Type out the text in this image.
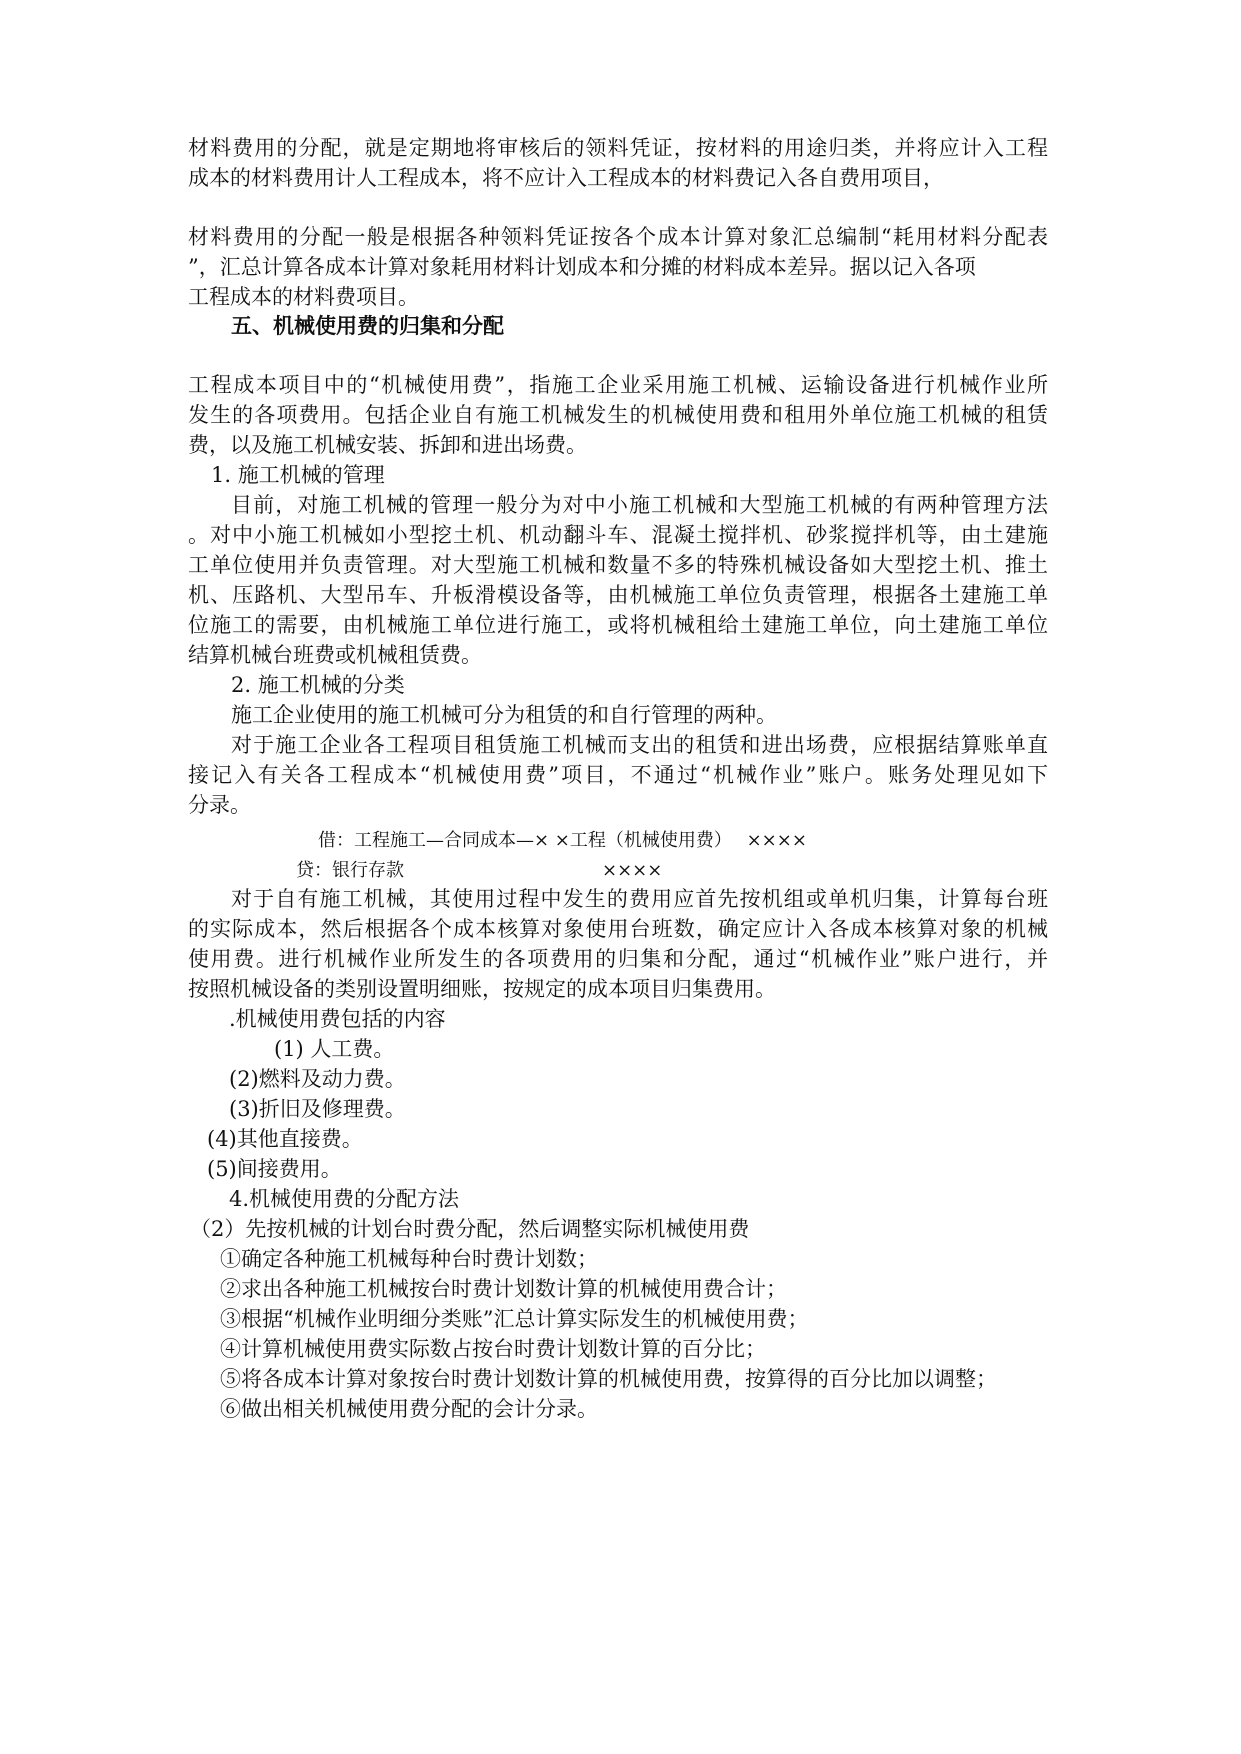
材料费用的分配，就是定期地将审核后的领料凭证，按材料的用途归类，并将应计入工程
成本的材料费用计人工程成本，将不应计入工程成本的材料费记入各自费用项目，
材料费用的分配一般是根据各种领料凭证按各个成本计算对象汇总编制“耗用材料分配表
”，汇总计算各成本计算对象耗用材料计划成本和分摊的材料成本差异。据以记入各项
工程成本的材料费项目。
五、机械使用费的归集和分配
工程成本项目中的“机械使用费”，指施工企业采用施工机械、运输设备进行机械作业所
发生的各项费用。包括企业自有施工机械发生的机械使用费和租用外单位施工机械的租赁
费，以及施工机械安装、拆卸和进出场费。
1. 施工机械的管理
目前，对施工机械的管理一般分为对中小施工机械和大型施工机械的有两种管理方法
。对中小施工机械如小型挖土机、机动翻斗车、混凝土搅拌机、砂浆搅拌机等，由土建施
工单位使用并负责管理。对大型施工机械和数量不多的特殊机械设备如大型挖土机、推土
机、压路机、大型吊车、升板滑模设备等，由机械施工单位负责管理，根据各土建施工单
位施工的需要，由机械施工单位进行施工，或将机械租给土建施工单位，向土建施工单位
结算机械台班费或机械租赁费。
2. 施工机械的分类
施工企业使用的施工机械可分为租赁的和自行管理的两种。
对于施工企业各工程项目租赁施工机械而支出的租赁和进出场费，应根据结算账单直
接记入有关各工程成本“机械使用费”项目，不通过“机械作业”账户。账务处理见如下
分录。
借：工程施工—合同成本—× ×工程（机械使用费）　 ××××
贷：银行存款　　　　　　　　　　　××××
对于自有施工机械，其使用过程中发生的费用应首先按机组或单机归集，计算每台班
的实际成本，然后根据各个成本核算对象使用台班数，确定应计入各成本核算对象的机械
使用费。进行机械作业所发生的各项费用的归集和分配，通过“机械作业”账户进行，并
按照机械设备的类别设置明细账，按规定的成本项目归集费用。
.机械使用费包括的内容
(1) 人工费。
(2)燃料及动力费。
(3)折旧及修理费。
(4)其他直接费。
(5)间接费用。
4.机械使用费的分配方法
（2）先按机械的计划台时费分配，然后调整实际机械使用费
①确定各种施工机械每种台时费计划数；
②求出各种施工机械按台时费计划数计算的机械使用费合计；
③根据“机械作业明细分类账”汇总计算实际发生的机械使用费；
④计算机械使用费实际数占按台时费计划数计算的百分比；
⑤将各成本计算对象按台时费计划数计算的机械使用费，按算得的百分比加以调整；
⑥做出相关机械使用费分配的会计分录。
